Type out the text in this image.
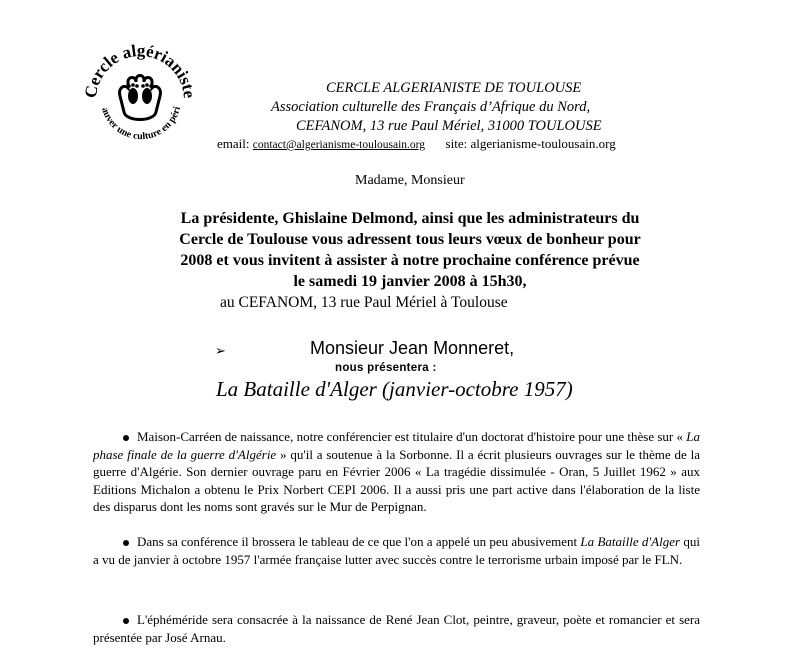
Cercle algérianiste
auver une culture en péri
CERCLE ALGERIANISTE DE TOULOUSE
Association culturelle des Français d’Afrique du Nord,
CEFANOM, 13 rue Paul Mériel, 31000 TOULOUSE
email: contact@algerianisme-toulousain.org site: algerianisme-toulousain.org
Madame, Monsieur
La présidente, Ghislaine Delmond, ainsi que les administrateurs du
Cercle de Toulouse vous adressent tous leurs vœux de bonheur pour
2008 et vous invitent à assister à notre prochaine conférence prévue
le samedi 19 janvier 2008 à 15h30,
au CEFANOM, 13 rue Paul Mériel à Toulouse
➢	Monsieur Jean Monneret,
nous présentera :
La Bataille d'Alger (janvier-octobre 1957)

Maison-Carréen de naissance, notre conférencier est titulaire d'un doctorat d'histoire pour une thèse sur « La phase finale de la guerre d'Algérie » qu'il a soutenue à la Sorbonne. Il a écrit plusieurs ouvrages sur le thème de la guerre d'Algérie. Son dernier ouvrage paru en Février 2006 « La tragédie dissimulée - Oran, 5 Juillet 1962 » aux Editions Michalon a obtenu le Prix Norbert CEPI 2006. Il a aussi pris une part active dans l'élaboration de la liste des disparus dont les noms sont gravés sur le Mur de Perpignan.

Dans sa conférence il brossera le tableau de ce que l'on a appelé un peu abusivement La Bataille d'Alger qui a vu de janvier à octobre 1957 l'armée française lutter avec succès contre le terrorisme urbain imposé par le FLN.

L'éphéméride sera consacrée à la naissance de René Jean Clot, peintre, graveur, poète et romancier et sera présentée par José Arnau.
